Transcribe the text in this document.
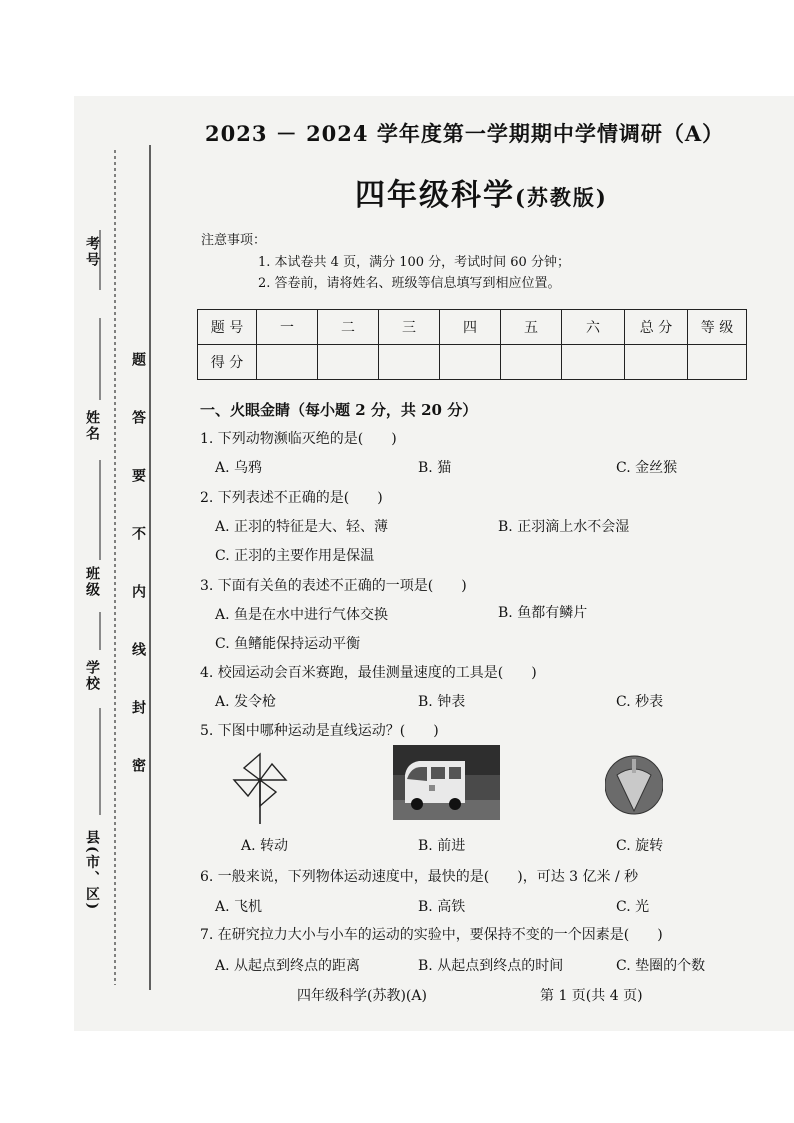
考号
姓名
班级
学校
县(市、区)
题
答
要
不
内
线
封
密
2023 － 2024 学年度第一学期期中学情调研（A）
四年级科学(苏教版)
注意事项：
1. 本试卷共 4 页，满分 100 分，考试时间 60 分钟；
2. 答卷前，请将姓名、班级等信息填写到相应位置。
题 号	一	二	三	四	五	六	总 分	等 级
得 分								
一、火眼金睛（每小题 2 分，共 20 分）
1. 下列动物濒临灭绝的是(　　)
A. 乌鸦	B. 猫	C. 金丝猴
2. 下列表述不正确的是(　　)
A. 正羽的特征是大、轻、薄	B. 正羽滴上水不会湿
C. 正羽的主要作用是保温
3. 下面有关鱼的表述不正确的一项是(　　)
A. 鱼是在水中进行气体交换	B. 鱼都有鳞片
C. 鱼鳍能保持运动平衡
4. 校园运动会百米赛跑，最佳测量速度的工具是(　　)
A. 发令枪	B. 钟表	C. 秒表
5. 下图中哪种运动是直线运动？(　　)
A. 转动	B. 前进	C. 旋转
6. 一般来说，下列物体运动速度中，最快的是(　　)，可达 3 亿米 / 秒
A. 飞机	B. 高铁	C. 光
7. 在研究拉力大小与小车的运动的实验中，要保持不变的一个因素是(　　)
A. 从起点到终点的距离	B. 从起点到终点的时间	C. 垫圈的个数
四年级科学(苏教)(A)	第 1 页(共 4 页)
